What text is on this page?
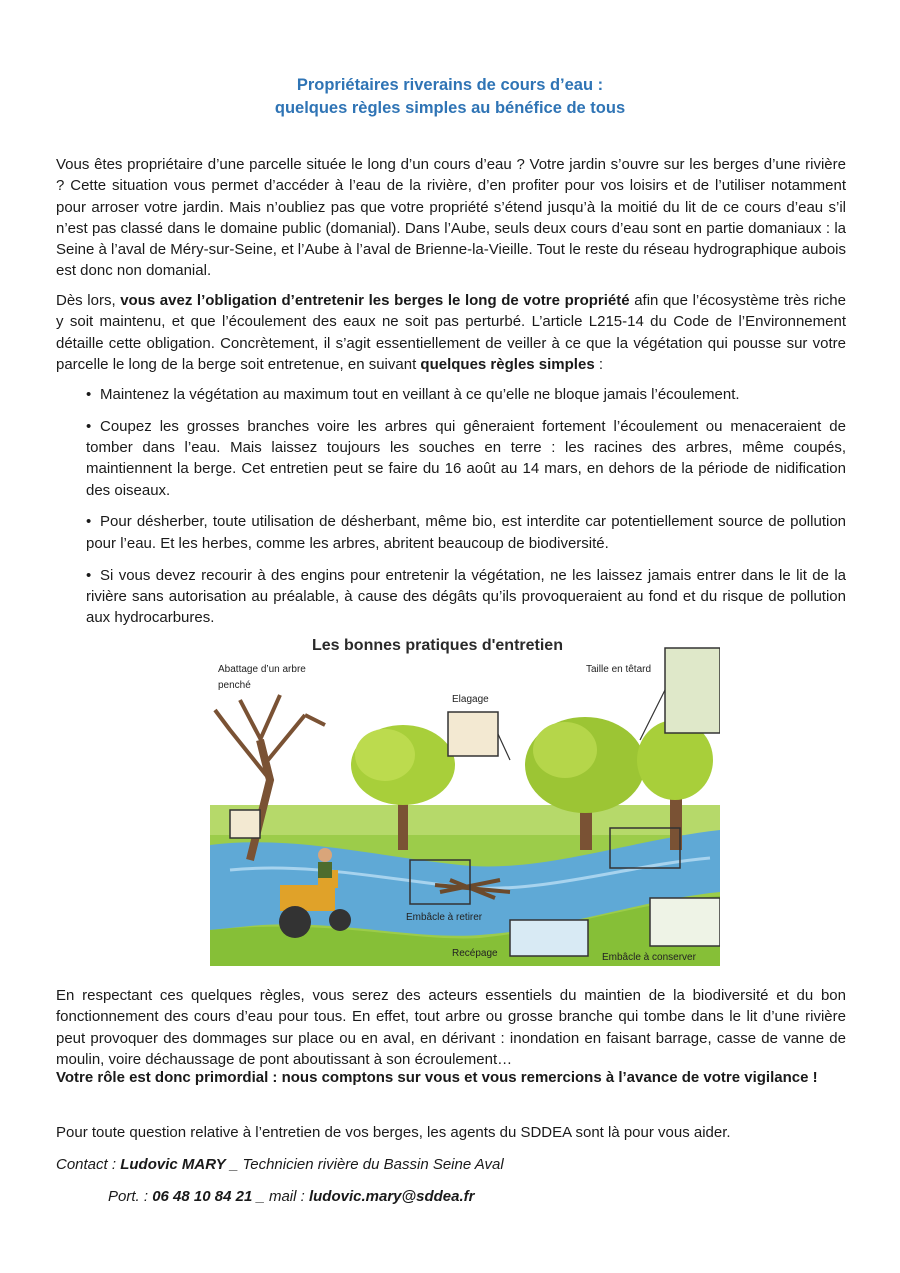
Propriétaires riverains de cours d’eau :
quelques règles simples au bénéfice de tous

Vous êtes propriétaire d’une parcelle située le long d’un cours d’eau ? Votre jardin s’ouvre sur les berges d’une rivière ? Cette situation vous permet d’accéder à l’eau de la rivière, d’en profiter pour vos loisirs et de l’utiliser notamment pour arroser votre jardin. Mais n’oubliez pas que votre propriété s’étend jusqu’à la moitié du lit de ce cours d’eau s’il n’est pas classé dans le domaine public (domanial). Dans l’Aube, seuls deux cours d’eau sont en partie domaniaux : la Seine à l’aval de Méry-sur-Seine, et l’Aube à l’aval de Brienne-la-Vieille. Tout le reste du réseau hydrographique aubois est donc non domanial.

Dès lors, vous avez l’obligation d’entretenir les berges le long de votre propriété afin que l’écosystème très riche y soit maintenu, et que l’écoulement des eaux ne soit pas perturbé. L’article L215-14 du Code de l’Environnement détaille cette obligation. Concrètement, il s’agit essentiellement de veiller à ce que la végétation qui pousse sur votre parcelle le long de la berge soit entretenue, en suivant quelques règles simples :

• Maintenez la végétation au maximum tout en veillant à ce qu’elle ne bloque jamais l’écoulement.
• Coupez les grosses branches voire les arbres qui gêneraient fortement l’écoulement ou menaceraient de tomber dans l’eau. Mais laissez toujours les souches en terre : les racines des arbres, même coupés, maintiennent la berge. Cet entretien peut se faire du 16 août au 14 mars, en dehors de la période de nidification des oiseaux.
• Pour désherber, toute utilisation de désherbant, même bio, est interdite car potentiellement source de pollution pour l’eau. Et les herbes, comme les arbres, abritent beaucoup de biodiversité.
• Si vous devez recourir à des engins pour entretenir la végétation, ne les laissez jamais entrer dans le lit de la rivière sans autorisation au préalable, à cause des dégâts qu’ils provoqueraient au fond et du risque de pollution aux hydrocarbures.
Les bonnes pratiques d'entretien
Abattage d’un arbre
penché
Elagage
Taille en têtard
Embâcle à retirer
Recépage	Embâcle à conserver

En respectant ces quelques règles, vous serez des acteurs essentiels du maintien de la biodiversité et du bon fonctionnement des cours d’eau pour tous. En effet, tout arbre ou grosse branche qui tombe dans le lit d’une rivière peut provoquer des dommages sur place ou en aval, en dérivant : inondation en faisant barrage, casse de vanne de moulin, voire déchaussage de pont aboutissant à son écroulement…

Votre rôle est donc primordial : nous comptons sur vous et vous remercions à l’avance de votre vigilance !

Pour toute question relative à l’entretien de vos berges, les agents du SDDEA sont là pour vous aider.

Contact : Ludovic MARY _ Technicien rivière du Bassin Seine Aval
Port. : 06 48 10 84 21 _ mail : ludovic.mary@sddea.fr
